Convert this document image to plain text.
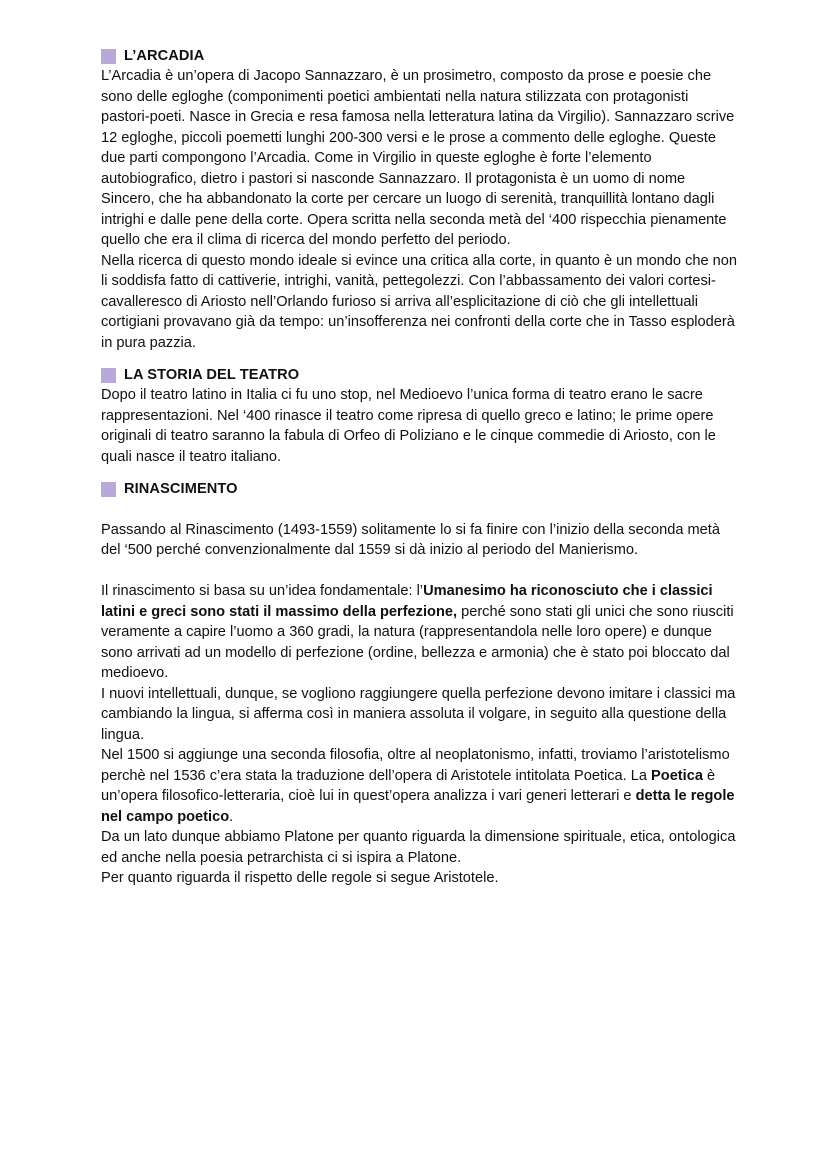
L’ARCADIA

L’Arcadia è un’opera di Jacopo Sannazzaro, è un prosimetro, composto da prose e poesie che sono delle egloghe (componimenti poetici ambientati nella natura stilizzata con protagonisti pastori-poeti. Nasce in Grecia e resa famosa nella letteratura latina da Virgilio). Sannazzaro scrive 12 egloghe, piccoli poemetti lunghi 200-300 versi e le prose a commento delle egloghe. Queste due parti compongono l’Arcadia. Come in Virgilio in queste egloghe è forte l’elemento autobiografico, dietro i pastori si nasconde Sannazzaro. Il protagonista è un uomo di nome Sincero, che ha abbandonato la corte per cercare un luogo di serenità, tranquillità lontano dagli intrighi e dalle pene della corte. Opera scritta nella seconda metà del ‘400 rispecchia pienamente quello che era il clima di ricerca del mondo perfetto del periodo.

Nella ricerca di questo mondo ideale si evince una critica alla corte, in quanto è un mondo che non li soddisfa fatto di cattiverie, intrighi, vanità, pettegolezzi. Con l’abbassamento dei valori cortesi-cavalleresco di Ariosto nell’Orlando furioso si arriva all’esplicitazione di ciò che gli intellettuali cortigiani provavano già da tempo: un’insofferenza nei confronti della corte che in Tasso esploderà in pura pazzia.

LA STORIA DEL TEATRO

Dopo il teatro latino in Italia ci fu uno stop, nel Medioevo l’unica forma di teatro erano le sacre rappresentazioni. Nel ‘400 rinasce il teatro come ripresa di quello greco e latino; le prime opere originali di teatro saranno la fabula di Orfeo di Poliziano e le cinque commedie di Ariosto, con le quali nasce il teatro italiano.

RINASCIMENTO

Passando al Rinascimento (1493-1559) solitamente lo si fa finire con l’inizio della seconda metà del ‘500 perché convenzionalmente dal 1559 si dà inizio al periodo del Manierismo.

Il rinascimento si basa su un’idea fondamentale: l’Umanesimo ha riconosciuto che i classici latini e greci sono stati il massimo della perfezione, perché sono stati gli unici che sono riusciti veramente a capire l’uomo a 360 gradi, la natura (rappresentandola nelle loro opere) e dunque sono arrivati ad un modello di perfezione (ordine, bellezza e armonia) che è stato poi bloccato dal medioevo.

I nuovi intellettuali, dunque, se vogliono raggiungere quella perfezione devono imitare i classici ma cambiando la lingua, si afferma così in maniera assoluta il volgare, in seguito alla questione della lingua.

Nel 1500 si aggiunge una seconda filosofia, oltre al neoplatonismo, infatti, troviamo l’aristotelismo perchè nel 1536 c’era stata la traduzione dell’opera di Aristotele intitolata Poetica. La Poetica è un’opera filosofico-letteraria, cioè lui in quest’opera analizza i vari generi letterari e detta le regole nel campo poetico.

Da un lato dunque abbiamo Platone per quanto riguarda la dimensione spirituale, etica, ontologica ed anche nella poesia petrarchista ci si ispira a Platone.

Per quanto riguarda il rispetto delle regole si segue Aristotele.
